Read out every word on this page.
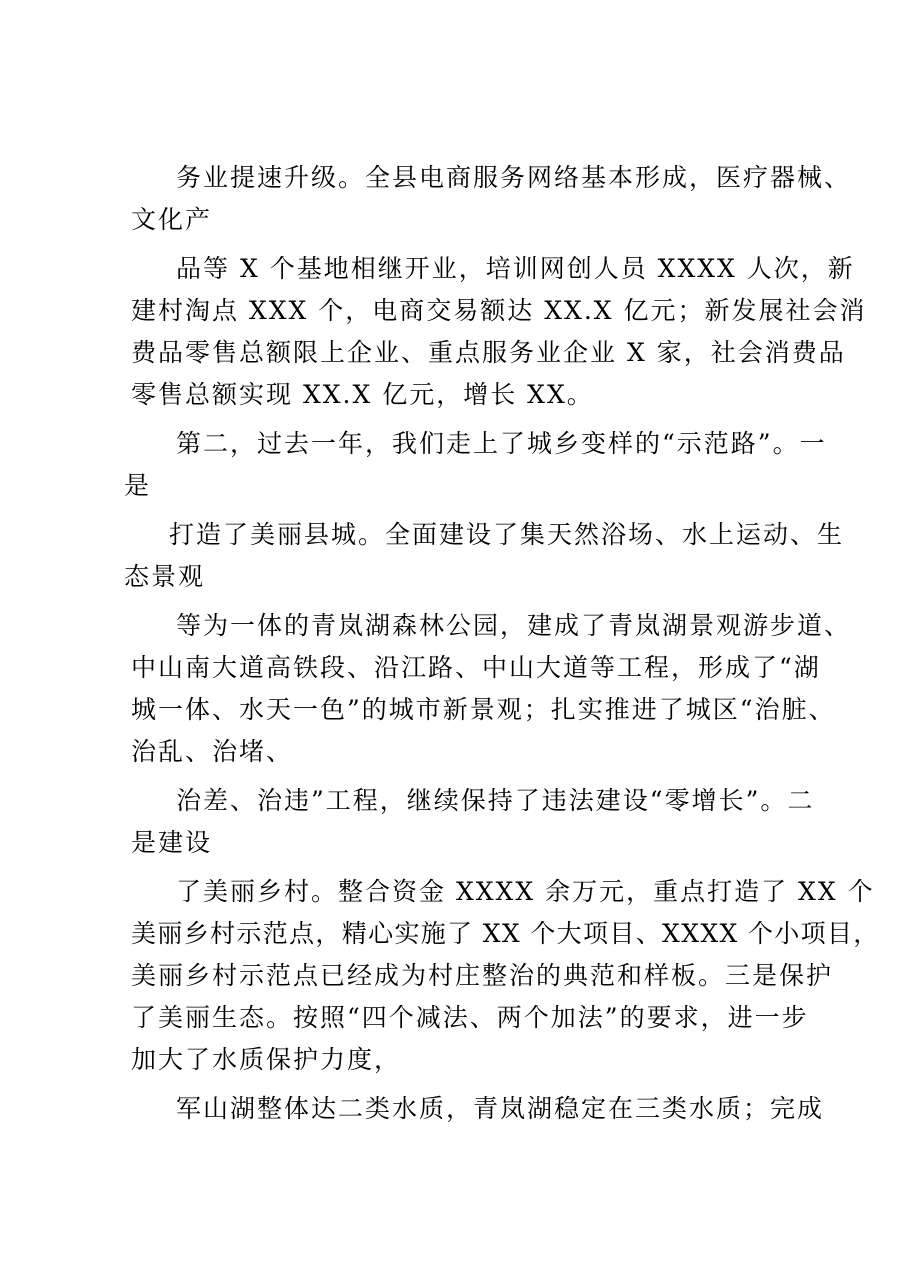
务业提速升级。全县电商服务网络基本形成，医疗器械、
文化产
品等 X 个基地相继开业，培训网创人员 XXXX 人次，新
建村淘点 XXX 个，电商交易额达 XX.X 亿元；新发展社会消
费品零售总额限上企业、重点服务业企业 X 家，社会消费品
零售总额实现 XX.X 亿元，增长 XX。
第二，过去一年，我们走上了城乡变样的“示范路”。一
是
打造了美丽县城。全面建设了集天然浴场、水上运动、生
态景观
等为一体的青岚湖森林公园，建成了青岚湖景观游步道、
中山南大道高铁段、沿江路、中山大道等工程，形成了“湖
城一体、水天一色”的城市新景观；扎实推进了城区“治脏、
治乱、治堵、
治差、治违”工程，继续保持了违法建设“零增长”。二
是建设
了美丽乡村。整合资金 XXXX 余万元，重点打造了 XX 个
美丽乡村示范点，精心实施了 XX 个大项目、XXXX 个小项目，
美丽乡村示范点已经成为村庄整治的典范和样板。三是保护
了美丽生态。按照“四个减法、两个加法”的要求，进一步
加大了水质保护力度，
军山湖整体达二类水质，青岚湖稳定在三类水质；完成
